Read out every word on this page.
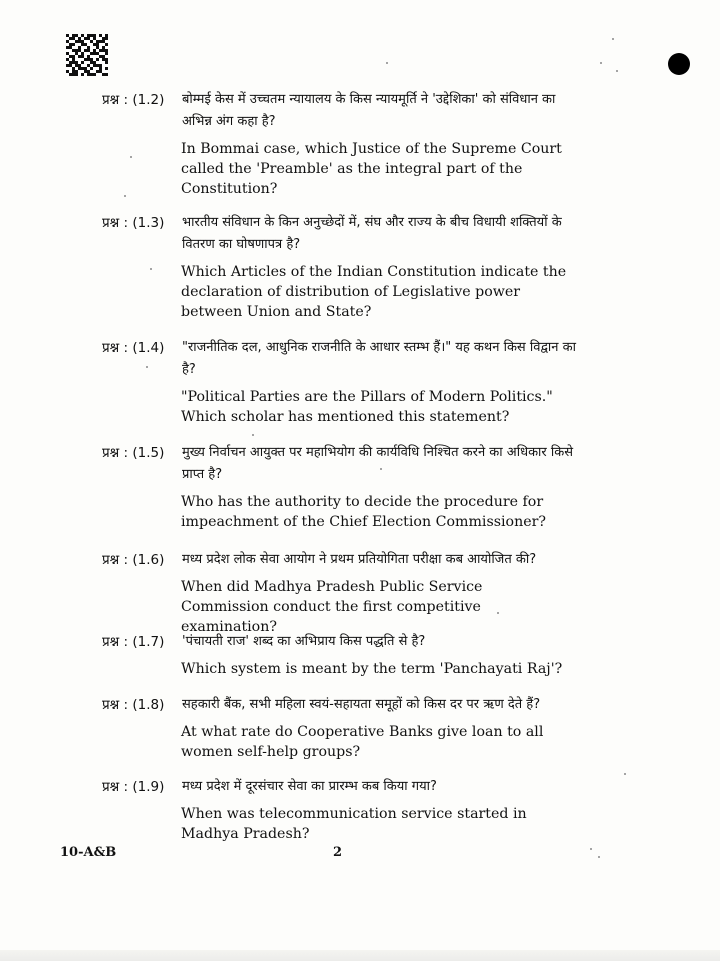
प्रश्न : (1.2) बोम्मई केस में उच्चतम न्यायालय के किस न्यायमूर्ति ने 'उद्देशिका' को संविधान का अभिन्न अंग कहा है?
In Bommai case, which Justice of the Supreme Court called the 'Preamble' as the integral part of the Constitution?
प्रश्न : (1.3) भारतीय संविधान के किन अनुच्छेदों में, संघ और राज्य के बीच विधायी शक्तियों के वितरण का घोषणापत्र है?
Which Articles of the Indian Constitution indicate the declaration of distribution of Legislative power between Union and State?
प्रश्न : (1.4) "राजनीतिक दल, आधुनिक राजनीति के आधार स्तम्भ हैं।" यह कथन किस विद्वान का है?
"Political Parties are the Pillars of Modern Politics." Which scholar has mentioned this statement?
प्रश्न : (1.5) मुख्य निर्वाचन आयुक्त पर महाभियोग की कार्यविधि निश्चित करने का अधिकार किसे प्राप्त है?
Who has the authority to decide the procedure for impeachment of the Chief Election Commissioner?
प्रश्न : (1.6) मध्य प्रदेश लोक सेवा आयोग ने प्रथम प्रतियोगिता परीक्षा कब आयोजित की?
When did Madhya Pradesh Public Service Commission conduct the first competitive examination?
प्रश्न : (1.7) 'पंचायती राज' शब्द का अभिप्राय किस पद्धति से है?
Which system is meant by the term 'Panchayati Raj'?
प्रश्न : (1.8) सहकारी बैंक, सभी महिला स्वयं-सहायता समूहों को किस दर पर ऋण देते हैं?
At what rate do Cooperative Banks give loan to all women self-help groups?
प्रश्न : (1.9) मध्य प्रदेश में दूरसंचार सेवा का प्रारम्भ कब किया गया?
When was telecommunication service started in Madhya Pradesh?
10-A&B	2
